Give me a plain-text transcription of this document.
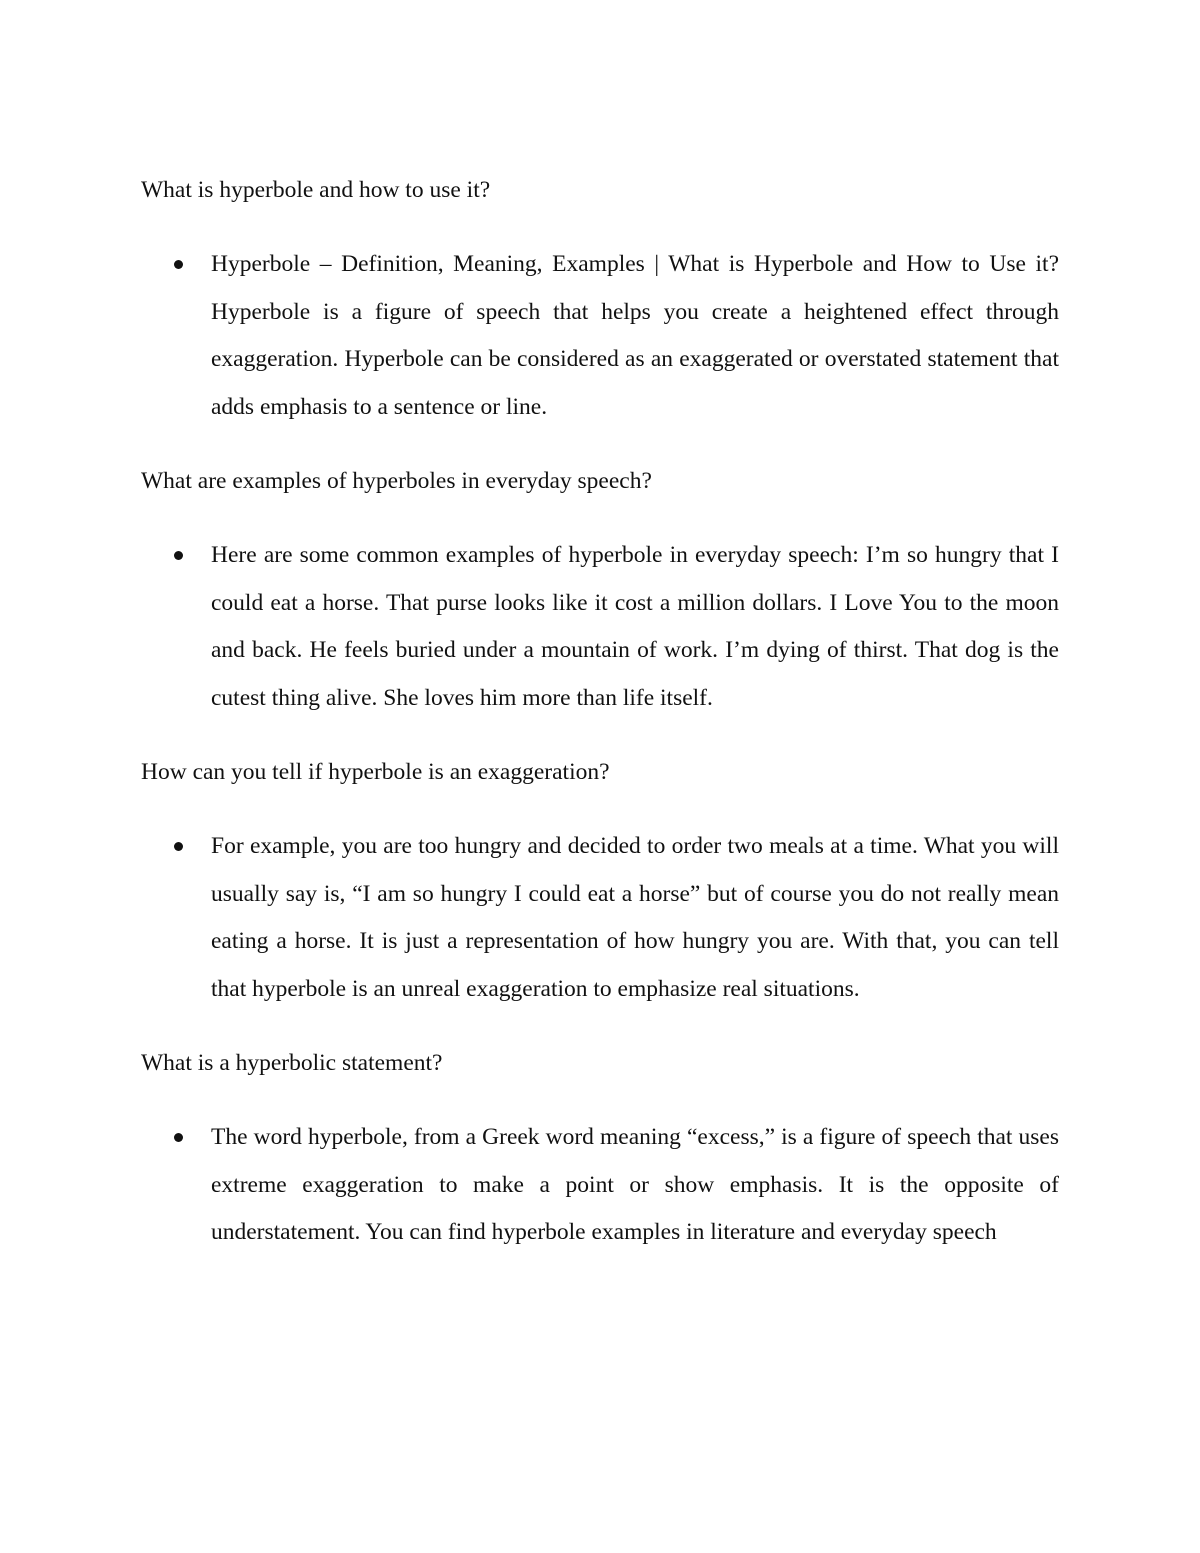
What is hyperbole and how to use it?

Hyperbole – Definition, Meaning, Examples | What is Hyperbole and How to Use it? Hyperbole is a figure of speech that helps you create a heightened effect through exaggeration. Hyperbole can be considered as an exaggerated or overstated statement that adds emphasis to a sentence or line.

What are examples of hyperboles in everyday speech?

Here are some common examples of hyperbole in everyday speech: I’m so hungry that I could eat a horse. That purse looks like it cost a million dollars. I Love You to the moon and back. He feels buried under a mountain of work. I’m dying of thirst. That dog is the cutest thing alive. She loves him more than life itself.

How can you tell if hyperbole is an exaggeration?

For example, you are too hungry and decided to order two meals at a time. What you will usually say is, “I am so hungry I could eat a horse” but of course you do not really mean eating a horse. It is just a representation of how hungry you are. With that, you can tell that hyperbole is an unreal exaggeration to emphasize real situations.

What is a hyperbolic statement?

The word hyperbole, from a Greek word meaning “excess,” is a figure of speech that uses extreme exaggeration to make a point or show emphasis. It is the opposite of understatement. You can find hyperbole examples in literature and everyday speech
